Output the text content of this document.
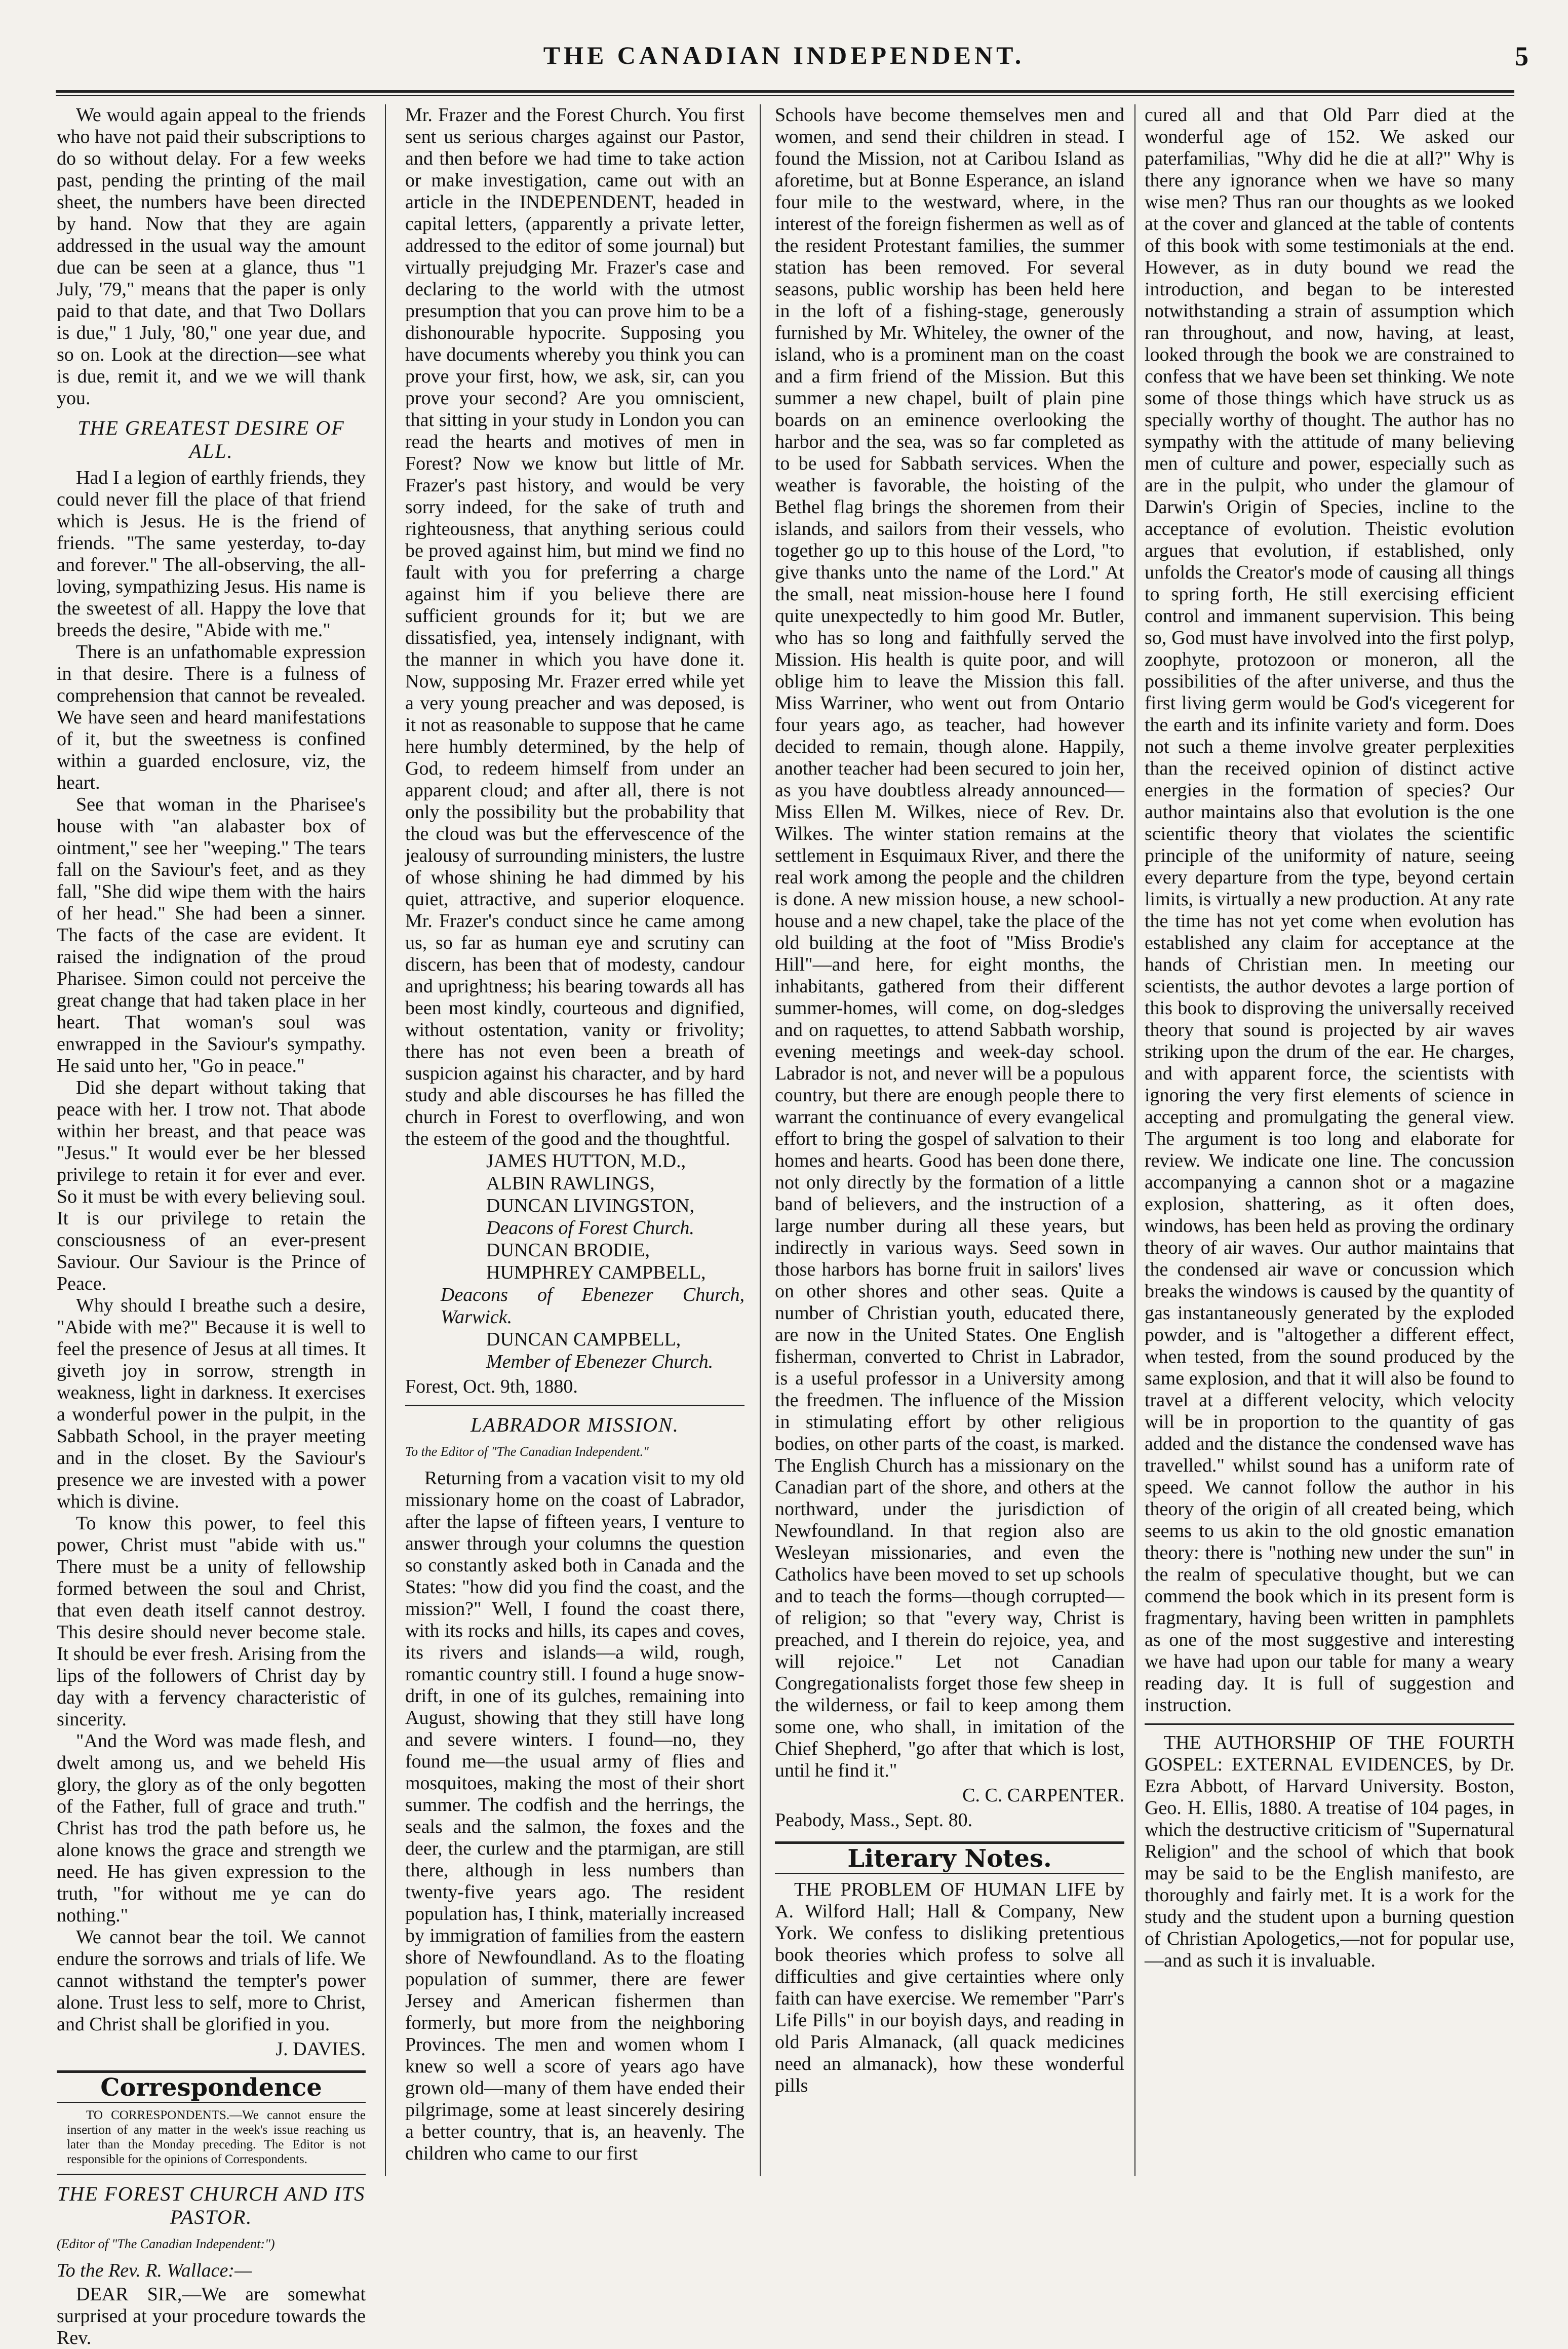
THE CANADIAN INDEPENDENT.	5

We would again appeal to the friends who have not paid their subscriptions to do so without delay. For a few weeks past, pending the printing of the mail sheet, the numbers have been directed by hand. Now that they are again addressed in the usual way the amount due can be seen at a glance, thus "1 July, '79," means that the paper is only paid to that date, and that Two Dollars is due," 1 July, '80," one year due, and so on. Look at the direction—see what is due, remit it, and we we will thank you.

THE GREATEST DESIRE OF ALL.

Had I a legion of earthly friends, they could never fill the place of that friend which is Jesus. He is the friend of friends. "The same yesterday, to-day and forever." The all-observing, the all-loving, sympathizing Jesus. His name is the sweetest of all. Happy the love that breeds the desire, "Abide with me."

There is an unfathomable expression in that desire. There is a fulness of comprehension that cannot be revealed. We have seen and heard manifestations of it, but the sweetness is confined within a guarded enclosure, viz, the heart.

See that woman in the Pharisee's house with "an alabaster box of ointment," see her "weeping." The tears fall on the Saviour's feet, and as they fall, "She did wipe them with the hairs of her head." She had been a sinner. The facts of the case are evident. It raised the indignation of the proud Pharisee. Simon could not perceive the great change that had taken place in her heart. That woman's soul was enwrapped in the Saviour's sympathy. He said unto her, "Go in peace."

Did she depart without taking that peace with her. I trow not. That abode within her breast, and that peace was "Jesus." It would ever be her blessed privilege to retain it for ever and ever. So it must be with every believing soul. It is our privilege to retain the consciousness of an ever-present Saviour. Our Saviour is the Prince of Peace.

Why should I breathe such a desire, "Abide with me?" Because it is well to feel the presence of Jesus at all times. It giveth joy in sorrow, strength in weakness, light in darkness. It exercises a wonderful power in the pulpit, in the Sabbath School, in the prayer meeting and in the closet. By the Saviour's presence we are invested with a power which is divine.

To know this power, to feel this power, Christ must "abide with us." There must be a unity of fellowship formed between the soul and Christ, that even death itself cannot destroy. This desire should never become stale. It should be ever fresh. Arising from the lips of the followers of Christ day by day with a fervency characteristic of sincerity.

"And the Word was made flesh, and dwelt among us, and we beheld His glory, the glory as of the only begotten of the Father, full of grace and truth." Christ has trod the path before us, he alone knows the grace and strength we need. He has given expression to the truth, "for without me ye can do nothing."

We cannot bear the toil. We cannot endure the sorrows and trials of life. We cannot withstand the tempter's power alone. Trust less to self, more to Christ, and Christ shall be glorified in you.

J. DAVIES.
Correspondence

TO CORRESPONDENTS.—We cannot ensure the insertion of any matter in the week's issue reaching us later than the Monday preceding. The Editor is not responsible for the opinions of Correspondents.

THE FOREST CHURCH AND ITS PASTOR.
(Editor of "The Canadian Independent:")
To the Rev. R. Wallace:—

DEAR SIR,—We are somewhat surprised at your procedure towards the Rev.

Mr. Frazer and the Forest Church. You first sent us serious charges against our Pastor, and then before we had time to take action or make investigation, came out with an article in the INDEPENDENT, headed in capital letters, (apparently a private letter, addressed to the editor of some journal) but virtually prejudging Mr. Frazer's case and declaring to the world with the utmost presumption that you can prove him to be a dishonourable hypocrite. Supposing you have documents whereby you think you can prove your first, how, we ask, sir, can you prove your second? Are you omniscient, that sitting in your study in London you can read the hearts and motives of men in Forest? Now we know but little of Mr. Frazer's past history, and would be very sorry indeed, for the sake of truth and righteousness, that anything serious could be proved against him, but mind we find no fault with you for preferring a charge against him if you believe there are sufficient grounds for it; but we are dissatisfied, yea, intensely indignant, with the manner in which you have done it. Now, supposing Mr. Frazer erred while yet a very young preacher and was deposed, is it not as reasonable to suppose that he came here humbly determined, by the help of God, to redeem himself from under an apparent cloud; and after all, there is not only the possibility but the probability that the cloud was but the effervescence of the jealousy of surrounding ministers, the lustre of whose shining he had dimmed by his quiet, attractive, and superior eloquence. Mr. Frazer's conduct since he came among us, so far as human eye and scrutiny can discern, has been that of modesty, candour and uprightness; his bearing towards all has been most kindly, courteous and dignified, without ostentation, vanity or frivolity; there has not even been a breath of suspicion against his character, and by hard study and able discourses he has filled the church in Forest to overflowing, and won the esteem of the good and the thoughtful.

JAMES HUTTON, M.D.,
ALBIN RAWLINGS,
DUNCAN LIVINGSTON,
Deacons of Forest Church.
DUNCAN BRODIE,
HUMPHREY CAMPBELL,
Deacons of Ebenezer Church, Warwick.
DUNCAN CAMPBELL,
Member of Ebenezer Church.
Forest, Oct. 9th, 1880.
LABRADOR MISSION.
To the Editor of "The Canadian Independent."

Returning from a vacation visit to my old missionary home on the coast of Labrador, after the lapse of fifteen years, I venture to answer through your columns the question so constantly asked both in Canada and the States: "how did you find the coast, and the mission?" Well, I found the coast there, with its rocks and hills, its capes and coves, its rivers and islands—a wild, rough, romantic country still. I found a huge snow-drift, in one of its gulches, remaining into August, showing that they still have long and severe winters. I found—no, they found me—the usual army of flies and mosquitoes, making the most of their short summer. The codfish and the herrings, the seals and the salmon, the foxes and the deer, the curlew and the ptarmigan, are still there, although in less numbers than twenty-five years ago. The resident population has, I think, materially increased by immigration of families from the eastern shore of Newfoundland. As to the floating population of summer, there are fewer Jersey and American fishermen than formerly, but more from the neighboring Provinces. The men and women whom I knew so well a score of years ago have grown old—many of them have ended their pilgrimage, some at least sincerely desiring a better country, that is, an heavenly. The children who came to our first

Schools have become themselves men and women, and send their children in stead. I found the Mission, not at Caribou Island as aforetime, but at Bonne Esperance, an island four mile to the westward, where, in the interest of the foreign fishermen as well as of the resident Protestant families, the summer station has been removed. For several seasons, public worship has been held here in the loft of a fishing-stage, generously furnished by Mr. Whiteley, the owner of the island, who is a prominent man on the coast and a firm friend of the Mission. But this summer a new chapel, built of plain pine boards on an eminence overlooking the harbor and the sea, was so far completed as to be used for Sabbath services. When the weather is favorable, the hoisting of the Bethel flag brings the shoremen from their islands, and sailors from their vessels, who together go up to this house of the Lord, "to give thanks unto the name of the Lord." At the small, neat mission-house here I found quite unexpectedly to him good Mr. Butler, who has so long and faithfully served the Mission. His health is quite poor, and will oblige him to leave the Mission this fall. Miss Warriner, who went out from Ontario four years ago, as teacher, had however decided to remain, though alone. Happily, another teacher had been secured to join her, as you have doubtless already announced—Miss Ellen M. Wilkes, niece of Rev. Dr. Wilkes. The winter station remains at the settlement in Esquimaux River, and there the real work among the people and the children is done. A new mission house, a new school-house and a new chapel, take the place of the old building at the foot of "Miss Brodie's Hill"—and here, for eight months, the inhabitants, gathered from their different summer-homes, will come, on dog-sledges and on raquettes, to attend Sabbath worship, evening meetings and week-day school. Labrador is not, and never will be a populous country, but there are enough people there to warrant the continuance of every evangelical effort to bring the gospel of salvation to their homes and hearts. Good has been done there, not only directly by the formation of a little band of believers, and the instruction of a large number during all these years, but indirectly in various ways. Seed sown in those harbors has borne fruit in sailors' lives on other shores and other seas. Quite a number of Christian youth, educated there, are now in the United States. One English fisherman, converted to Christ in Labrador, is a useful professor in a University among the freedmen. The influence of the Mission in stimulating effort by other religious bodies, on other parts of the coast, is marked. The English Church has a missionary on the Canadian part of the shore, and others at the northward, under the jurisdiction of Newfoundland. In that region also are Wesleyan missionaries, and even the Catholics have been moved to set up schools and to teach the forms—though corrupted—of religion; so that "every way, Christ is preached, and I therein do rejoice, yea, and will rejoice." Let not Canadian Congregationalists forget those few sheep in the wilderness, or fail to keep among them some one, who shall, in imitation of the Chief Shepherd, "go after that which is lost, until he find it."

C. C. CARPENTER.
Peabody, Mass., Sept. 80.
Literary Notes.

THE PROBLEM OF HUMAN LIFE by A. Wilford Hall; Hall & Company, New York. We confess to disliking pretentious book theories which profess to solve all difficulties and give certainties where only faith can have exercise. We remember "Parr's Life Pills" in our boyish days, and reading in old Paris Almanack, (all quack medicines need an almanack), how these wonderful pills

cured all and that Old Parr died at the wonderful age of 152. We asked our paterfamilias, "Why did he die at all?" Why is there any ignorance when we have so many wise men? Thus ran our thoughts as we looked at the cover and glanced at the table of contents of this book with some testimonials at the end. However, as in duty bound we read the introduction, and began to be interested notwithstanding a strain of assumption which ran throughout, and now, having, at least, looked through the book we are constrained to confess that we have been set thinking. We note some of those things which have struck us as specially worthy of thought. The author has no sympathy with the attitude of many believing men of culture and power, especially such as are in the pulpit, who under the glamour of Darwin's Origin of Species, incline to the acceptance of evolution. Theistic evolution argues that evolution, if established, only unfolds the Creator's mode of causing all things to spring forth, He still exercising efficient control and immanent supervision. This being so, God must have involved into the first polyp, zoophyte, protozoon or moneron, all the possibilities of the after universe, and thus the first living germ would be God's vicegerent for the earth and its infinite variety and form. Does not such a theme involve greater perplexities than the received opinion of distinct active energies in the formation of species? Our author maintains also that evolution is the one scientific theory that violates the scientific principle of the uniformity of nature, seeing every departure from the type, beyond certain limits, is virtually a new production. At any rate the time has not yet come when evolution has established any claim for acceptance at the hands of Christian men. In meeting our scientists, the author devotes a large portion of this book to disproving the universally received theory that sound is projected by air waves striking upon the drum of the ear. He charges, and with apparent force, the scientists with ignoring the very first elements of science in accepting and promulgating the general view. The argument is too long and elaborate for review. We indicate one line. The concussion accompanying a cannon shot or a magazine explosion, shattering, as it often does, windows, has been held as proving the ordinary theory of air waves. Our author maintains that the condensed air wave or concussion which breaks the windows is caused by the quantity of gas instantaneously generated by the exploded powder, and is "altogether a different effect, when tested, from the sound produced by the same explosion, and that it will also be found to travel at a different velocity, which velocity will be in proportion to the quantity of gas added and the distance the condensed wave has travelled." whilst sound has a uniform rate of speed. We cannot follow the author in his theory of the origin of all created being, which seems to us akin to the old gnostic emanation theory: there is "nothing new under the sun" in the realm of speculative thought, but we can commend the book which in its present form is fragmentary, having been written in pamphlets as one of the most suggestive and interesting we have had upon our table for many a weary reading day. It is full of suggestion and instruction.

THE AUTHORSHIP OF THE FOURTH GOSPEL: EXTERNAL EVIDENCES, by Dr. Ezra Abbott, of Harvard University. Boston, Geo. H. Ellis, 1880. A treatise of 104 pages, in which the destructive criticism of "Supernatural Religion" and the school of which that book may be said to be the English manifesto, are thoroughly and fairly met. It is a work for the study and the student upon a burning question of Christian Apologetics,—not for popular use,—and as such it is invaluable.
